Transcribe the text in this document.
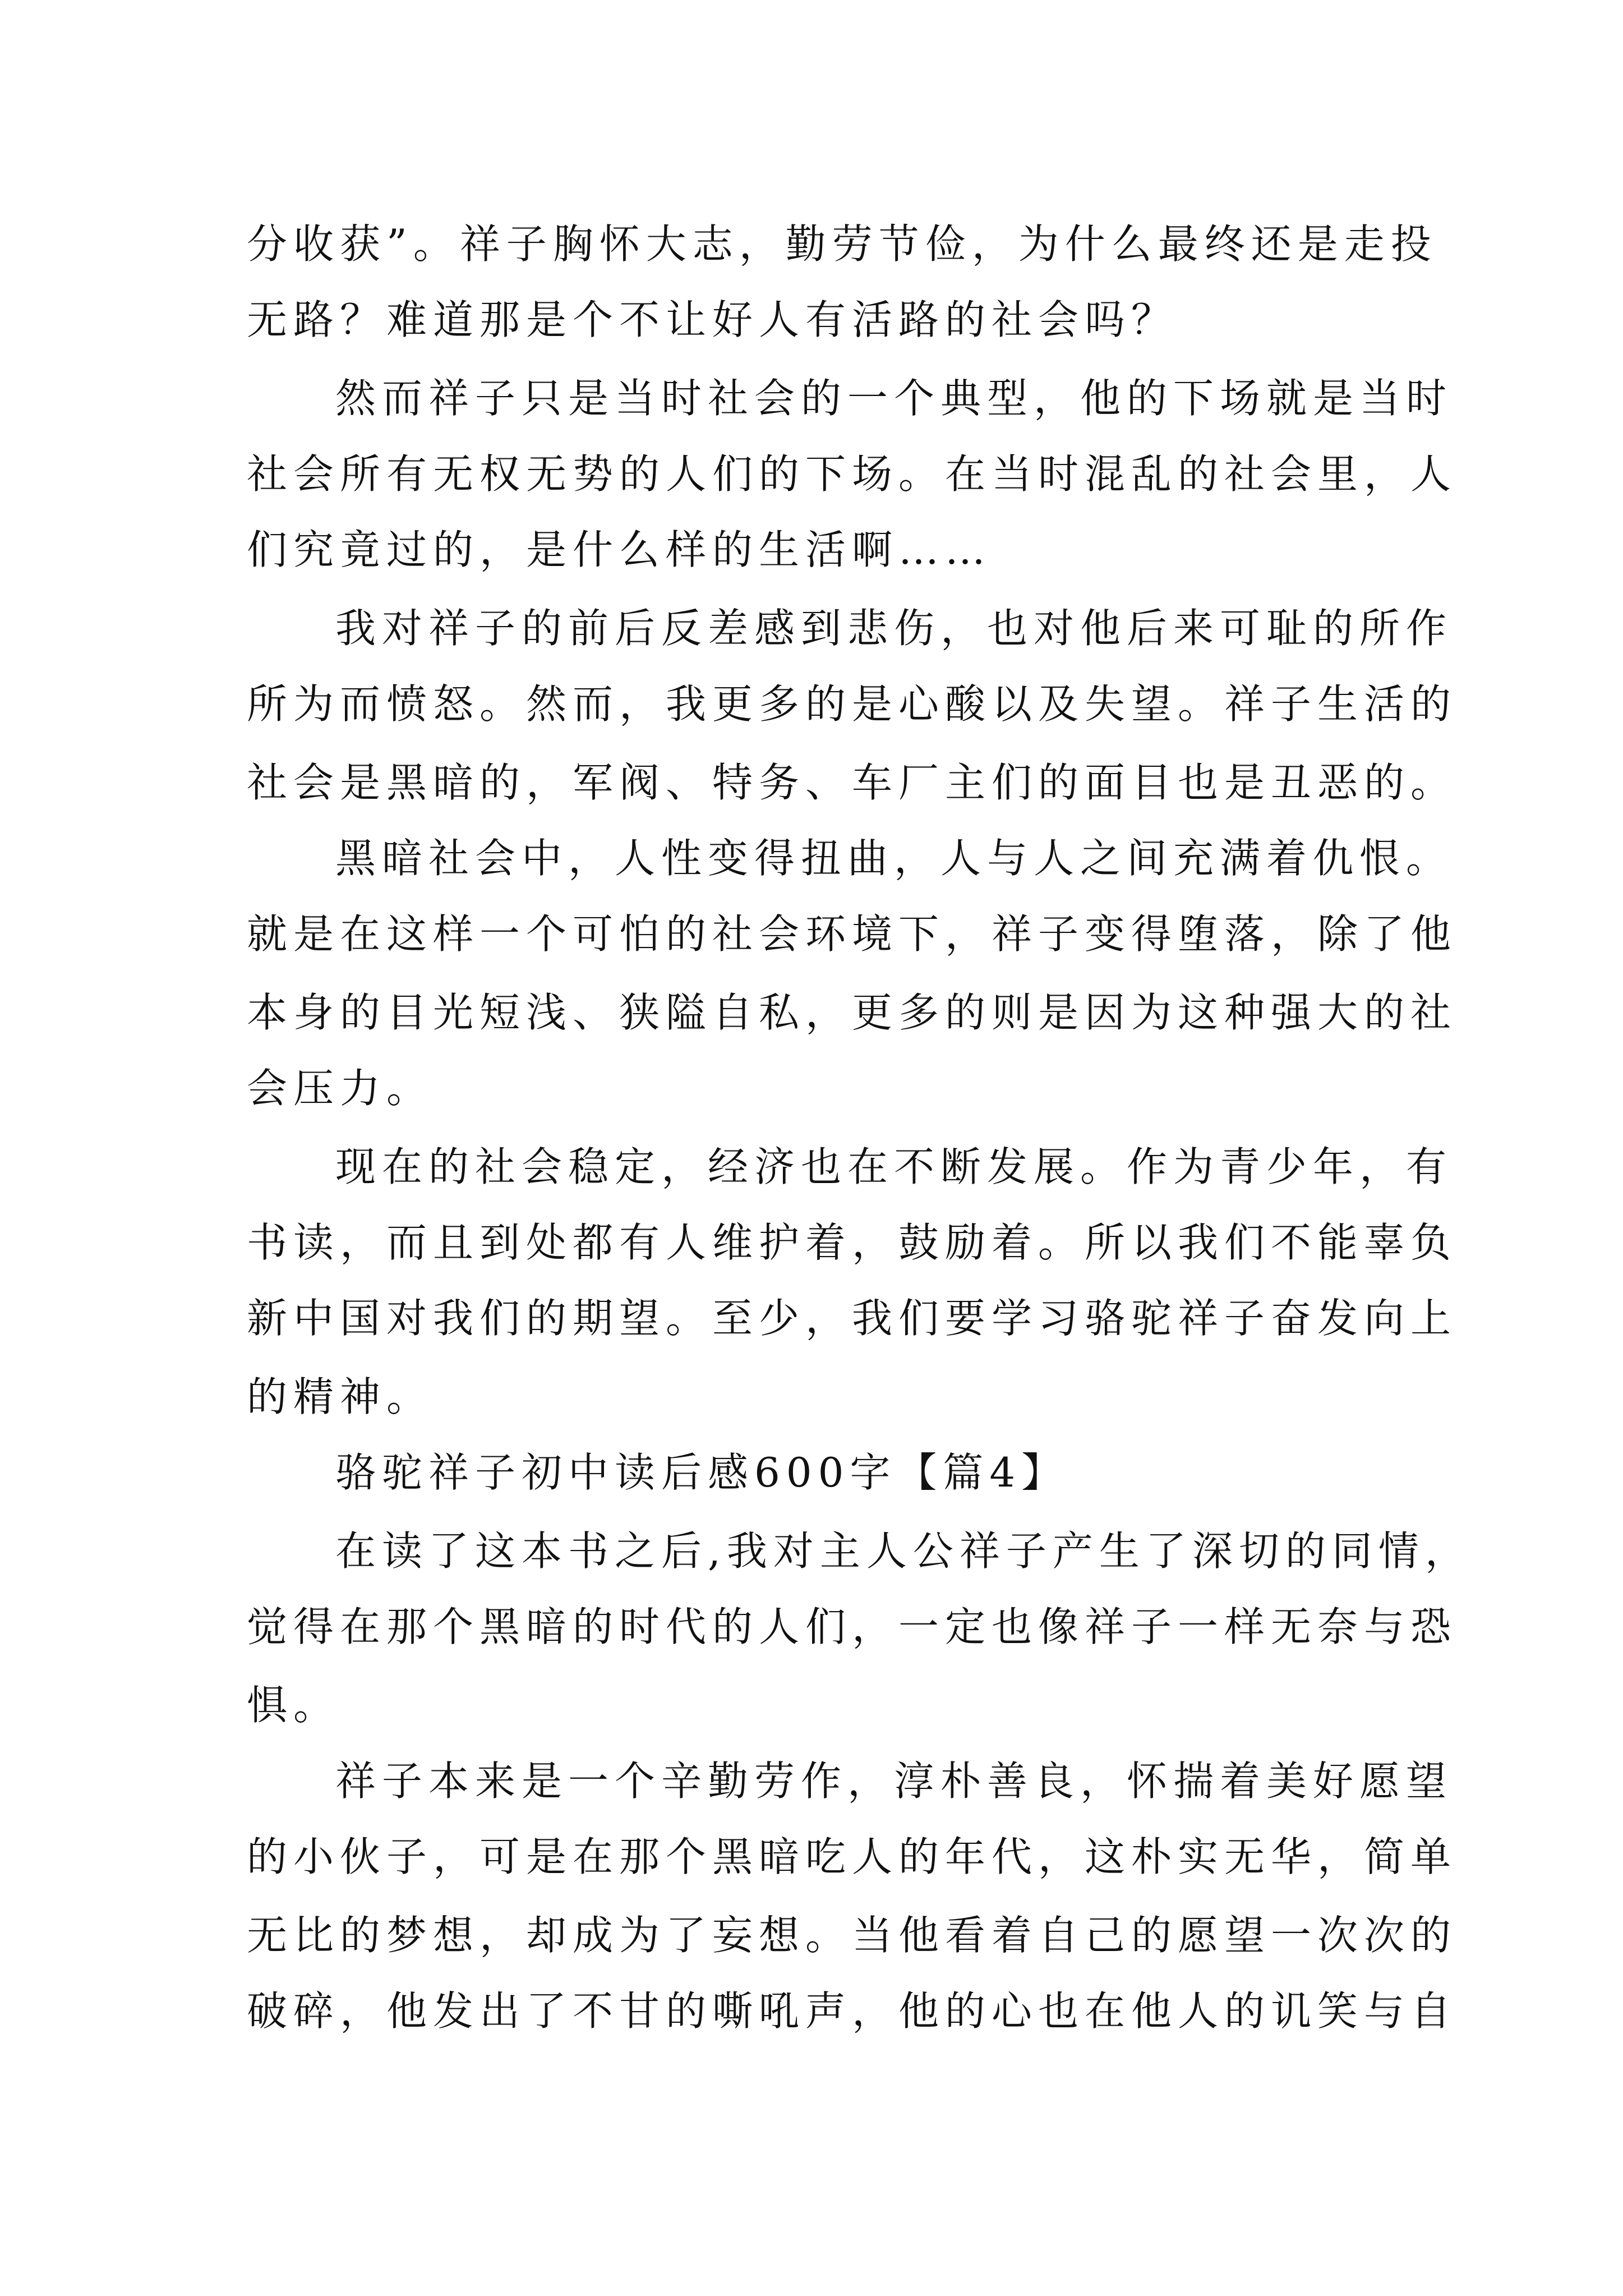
分收获”。祥子胸怀大志，勤劳节俭，为什么最终还是走投

无路？难道那是个不让好人有活路的社会吗？

然而祥子只是当时社会的一个典型，他的下场就是当时

社会所有无权无势的人们的下场。在当时混乱的社会里，人

们究竟过的，是什么样的生活啊……

我对祥子的前后反差感到悲伤，也对他后来可耻的所作

所为而愤怒。然而，我更多的是心酸以及失望。祥子生活的

社会是黑暗的，军阀、特务、车厂主们的面目也是丑恶的。

黑暗社会中，人性变得扭曲，人与人之间充满着仇恨。

就是在这样一个可怕的社会环境下，祥子变得堕落，除了他

本身的目光短浅、狭隘自私，更多的则是因为这种强大的社

会压力。

现在的社会稳定，经济也在不断发展。作为青少年，有

书读，而且到处都有人维护着，鼓励着。所以我们不能辜负

新中国对我们的期望。至少，我们要学习骆驼祥子奋发向上

的精神。

骆驼祥子初中读后感600字【篇4】

在读了这本书之后,我对主人公祥子产生了深切的同情，

觉得在那个黑暗的时代的人们，一定也像祥子一样无奈与恐

惧。

祥子本来是一个辛勤劳作，淳朴善良，怀揣着美好愿望

的小伙子，可是在那个黑暗吃人的年代，这朴实无华，简单

无比的梦想，却成为了妄想。当他看着自己的愿望一次次的

破碎，他发出了不甘的嘶吼声，他的心也在他人的讥笑与自
